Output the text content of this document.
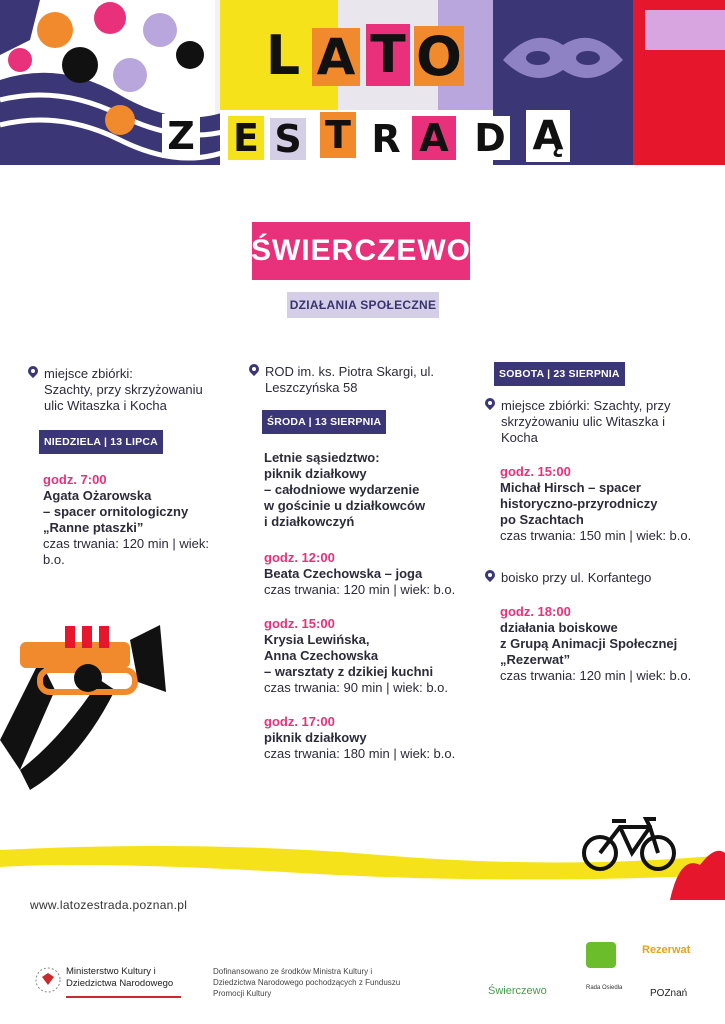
L A T O
Z E S T R A D Ą
ŚWIERCZEWO
DZIAŁANIA SPOŁECZNE
miejsce zbiórki:

Szachty, przy skrzyżowaniu ulic Witaszka i Kocha
NIEDZIELA | 13 LIPCA
godz. 7:00
Agata Ożarowska
– spacer ornitologiczny
„Ranne ptaszki”
czas trwania: 120 min | wiek: b.o.
ROD im. ks. Piotra Skargi, ul. Leszczyńska 58
ŚRODA | 13 SIERPNIA
Letnie sąsiedztwo:
piknik działkowy
– całodniowe wydarzenie
w gościnie u działkowców
i działkowczyń
godz. 12:00
Beata Czechowska – joga
czas trwania: 120 min | wiek: b.o.
godz. 15:00
Krysia Lewińska,
Anna Czechowska
– warsztaty z dzikiej kuchni
czas trwania: 90 min | wiek: b.o.
godz. 17:00
piknik działkowy
czas trwania: 180 min | wiek: b.o.
SOBOTA | 23 SIERPNIA
miejsce zbiórki: Szachty, przy skrzyżowaniu ulic Witaszka i Kocha
godz. 15:00
Michał Hirsch – spacer
historyczno-przyrodniczy
po Szachtach
czas trwania: 150 min | wiek: b.o.
boisko przy ul. Korfantego
godz. 18:00
działania boiskowe
z Grupą Animacji Społecznej
„Rezerwat”
czas trwania: 120 min | wiek: b.o.
www.latozestrada.poznan.pl
Ministerstwo Kultury i Dziedzictwa Narodowego
Dofinansowano ze środków Ministra Kultury i Dziedzictwa Narodowego pochodzących z Funduszu Promocji Kultury	Świerczewo
Rezerwat
Rada Osiedla	POZnań
